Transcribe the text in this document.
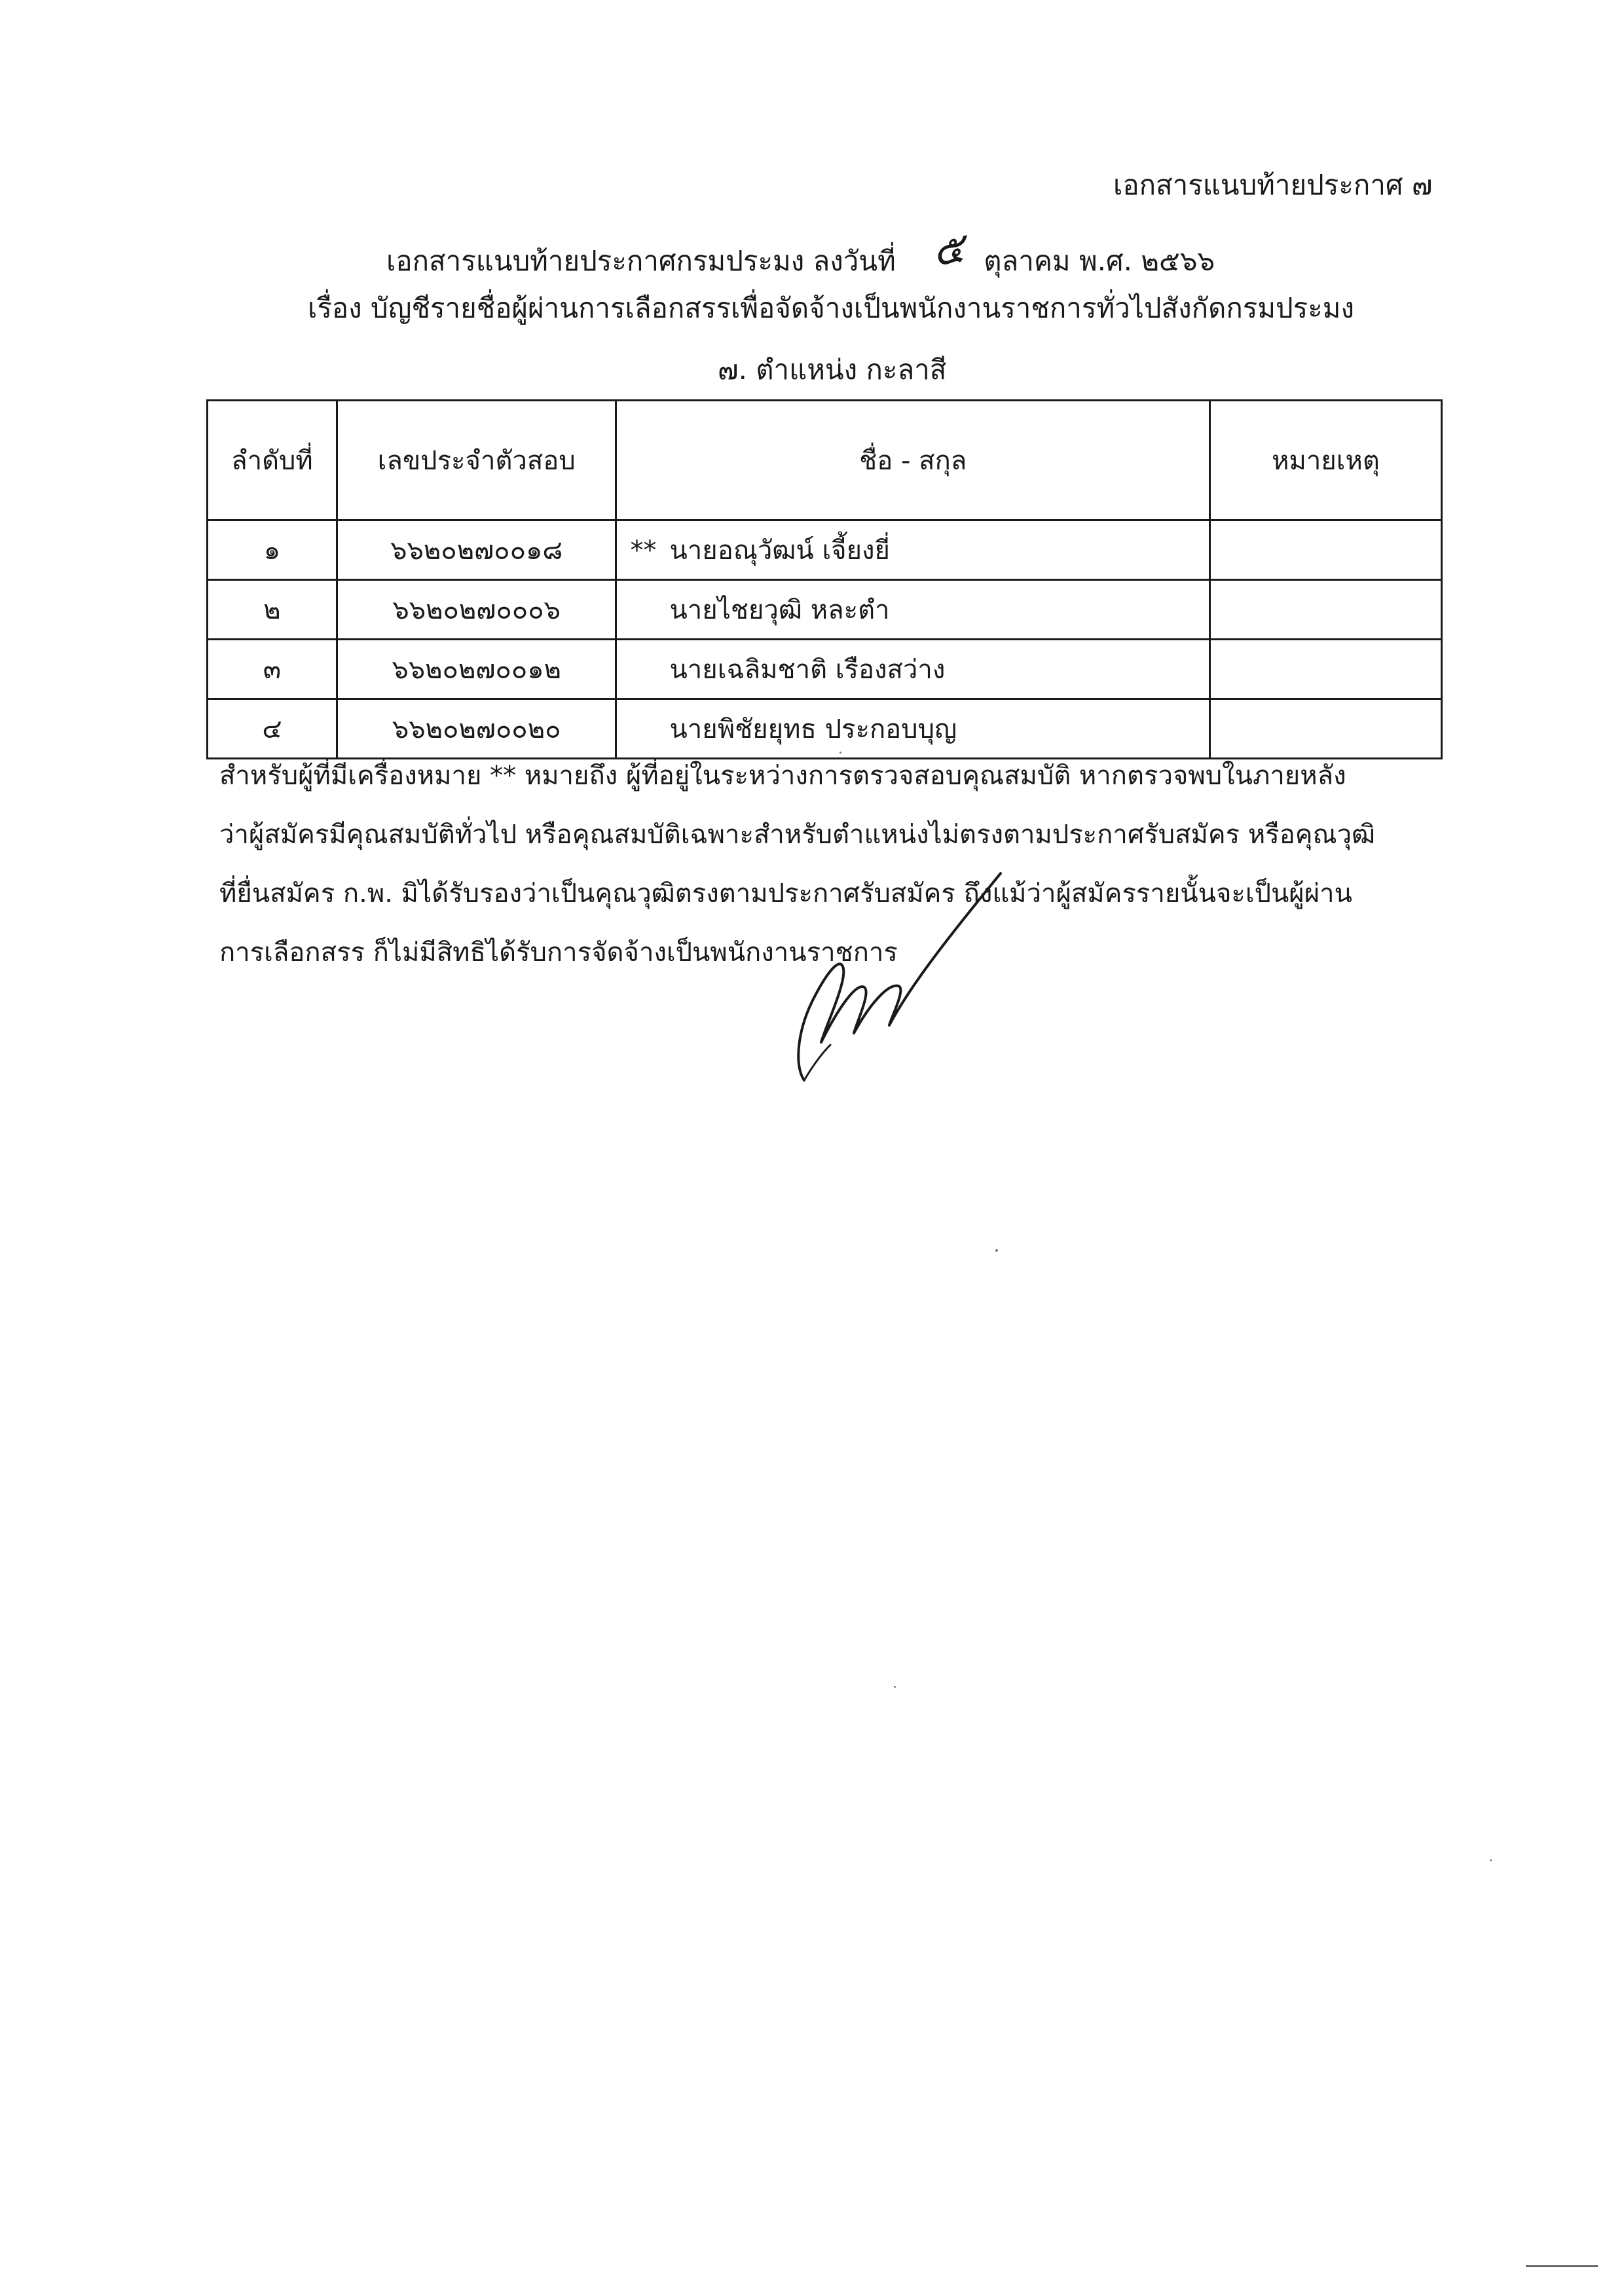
เอกสารแนบท้ายประกาศ ๗
เอกสารแนบท้ายประกาศกรมประมง ลงวันที่ ๕ ตุลาคม พ.ศ. ๒๕๖๖
เรื่อง บัญชีรายชื่อผู้ผ่านการเลือกสรรเพื่อจัดจ้างเป็นพนักงานราชการทั่วไปสังกัดกรมประมง
๗. ตำแหน่ง กะลาสี
ลำดับที่	เลขประจำตัวสอบ	ชื่อ - สกุล	หมายเหตุ
๑	๖๖๒๐๒๗๐๐๑๘	** นายอณุวัฒน์ เจี้ยงยี่	
๒	๖๖๒๐๒๗๐๐๐๖	นายไชยวุฒิ หละตำ	
๓	๖๖๒๐๒๗๐๐๑๒	นายเฉลิมชาติ เรืองสว่าง	
๔	๖๖๒๐๒๗๐๐๒๐	นายพิชัยยุทธ ประกอบบุญ	

สำหรับผู้ที่มีเครื่องหมาย ** หมายถึง ผู้ที่อยู่ในระหว่างการตรวจสอบคุณสมบัติ หากตรวจพบในภายหลัง

ว่าผู้สมัครมีคุณสมบัติทั่วไป หรือคุณสมบัติเฉพาะสำหรับตำแหน่งไม่ตรงตามประกาศรับสมัคร หรือคุณวุฒิ

ที่ยื่นสมัคร ก.พ. มิได้รับรองว่าเป็นคุณวุฒิตรงตามประกาศรับสมัคร ถึงแม้ว่าผู้สมัครรายนั้นจะเป็นผู้ผ่าน

การเลือกสรร ก็ไม่มีสิทธิได้รับการจัดจ้างเป็นพนักงานราชการ
